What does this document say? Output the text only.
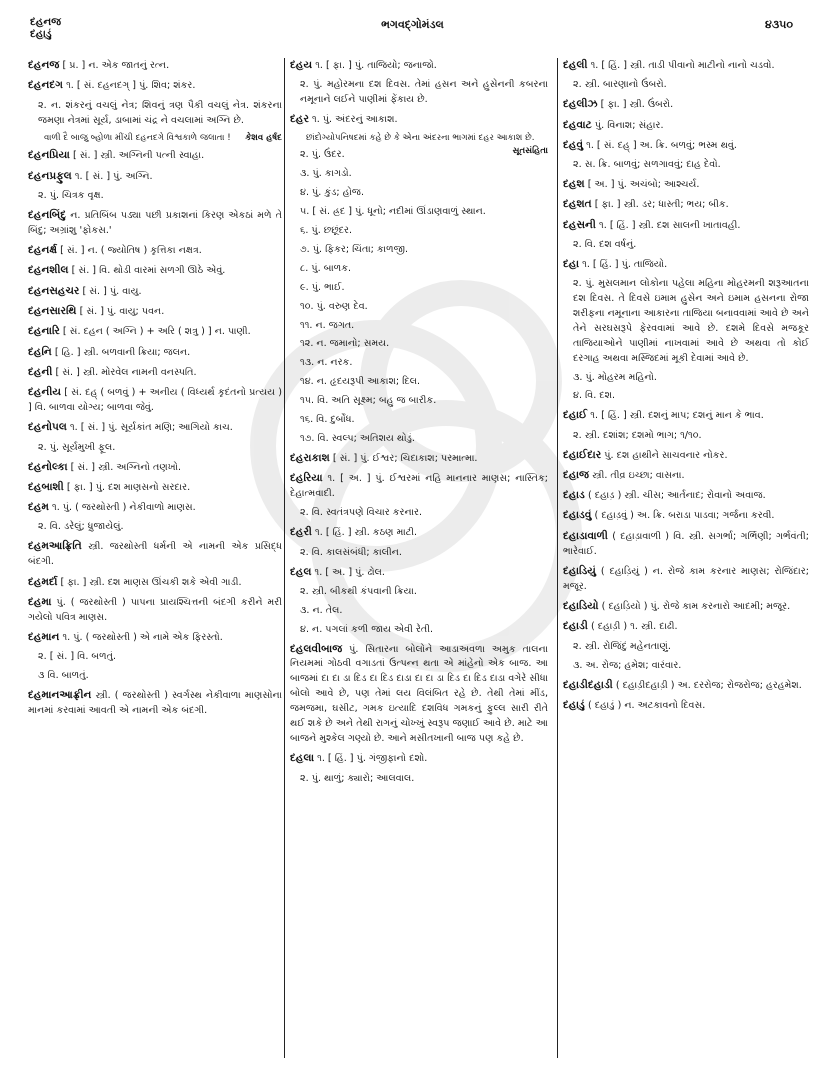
દહનજ
દહાડું
ભગવદ્ગોમંડલ	૪૩૫૦
દહનજ [ પ્ર. ] ન. એક જાતનું રત્ન.
દહનદગ ૧. [ સં. દહનદગ્ ] પું. શિવ; શંકર.
૨. ન. શંકરનું વચલું નેત્ર; શિવનું ત્રણ પૈકી વચલું નેત્ર. શંકરના જમણા નેત્રમાં સૂર્ય, ડાબામાં ચંદ્ર ને વચલામાં અગ્નિ છે.
વાળી દૈ બાજુ બ્હોળા મીંચી દહનદગે વિશ્વકાળે જલાતા ! કેશવ હર્ષદ
દહનપ્રિયા [ સં. ] સ્ત્રી. અગ્નિની પત્ની સ્વાહા.
દહનપ્રફુલ ૧. [ સં. ] પું. અગ્નિ.
૨. પું. ચિત્રક વૃક્ષ.
દહનબિંદુ ન. પ્રતિબિંબ પડ્યા પછી પ્રકાશનાં કિરણ એકઠાં મળે તે બિંદુ; અગ્રાંશુ 'ફોકસ.'
દહનર્ક્ષ [ સં. ] ન. ( જ્યોતિષ ) કૃત્તિકા નક્ષત્ર.
દહનશીલ [ સં. ] વિ. થોડી વારમાં સળગી ઊઠે એવું.
દહનસહચર [ સં. ] પું. વાયુ.
દહનસારથિ [ સં. ] પું. વાયુ; પવન.
દહનારિ [ સં. દહન ( અગ્નિ ) + અરિ ( શત્રુ ) ] ન. પાણી.
દહનિ [ હિ. ] સ્ત્રી. બળવાની ક્રિયા; જલન.
દહની [ સં. ] સ્ત્રી. મોરવેલ નામની વનસ્પતિ.
દહનીય [ સં. દહ્ ( બળવું ) + અનીય ( વિધ્યર્થ કૃદંતનો પ્રત્યય ) ] વિ. બાળવા યોગ્ય; બાળવા જેવું.
દહનોપલ ૧. [ સં. ] પું. સૂર્યકાંત મણિ; આગિયો કાચ.
૨. પું. સૂર્યમુખી ફૂલ.
દહનોલ્કા [ સં. ] સ્ત્રી. અગ્નિનો તણખો.
દહબાશી [ ફા. ] પું. દશ માણસનો સરદાર.
દહમ ૧. પું. ( જરથોસ્તી ) નેકીવાળો માણસ.
૨. વિ. ડરેલું; ધ્રુજાયેલું.
દહમઆફ્રિતિ સ્ત્રી. જરથોસ્તી ધર્મની એ નામની એક પ્રસિદ્ધ બંદગી.
દહમર્દા [ ફા. ] સ્ત્રી. દશ માણસ ઊંચકી શકે એવી ગાડી.
દહમા પું. ( જરથોસ્તી ) પાપના પ્રાયશ્ચિત્તની બંદગી કરીને મરી ગયેલો પવિત્ર માણસ.
દહમાન ૧. પું. ( જરથોસ્તી ) એ નામે એક ફિરસ્તો.
૨. [ સં. ] વિ. બળતું.
૩ વિ. બાળતું.
દહમાનઆફ્રીન સ્ત્રી. ( જરથોસ્તી ) સ્વર્ગસ્થ નેકીવાળા માણસોના માનમાં કરવામાં આવતી એ નામની એક બંદગી.
દહય ૧. [ ફા. ] પું. તાજિયો; જનાજો.
૨. પું. મહોરમના દશ દિવસ. તેમાં હસન અને હુસેનની કબરના નમૂનાને લઈને પાણીમાં ફેંકાય છે.
દહર ૧. પું. અંદરનું આકાશ.
છાંદોગ્યોપનિષદમાં કહે છે કે એના અંદરના ભાગમાં દહર આકાશ છે.
સૂતસંહિતા
૨. પું. ઉંદર.
૩. પું. કાગડો.
૪. પું. કુંડ; હોજ.
૫. [ સં. હ્રદ ] પું. ધૂનો; નદીમાં ઊંડાણવાળું સ્થાન.
૬. પું. છછૂંદર.
૭. પું. ફિકર; ચિંતા; કાળજી.
૮. પું. બાળક.
૯. પું. ભાઈ.
૧૦. પું. વરુણ દેવ.
૧૧. ન. જગત.
૧૨. ન. જમાનો; સમય.
૧૩. ન. નરક.
૧૪. ન. હૃદયરૂપી આકાશ; દિલ.
૧૫. વિ. અતિ સૂક્ષ્મ; બહુ જ બારીક.
૧૬. વિ. દુર્બોધ.
૧૭. વિ. સ્વલ્પ; અતિશય થોડું.
દહરાકાશ [ સં. ] પું. ઈશ્વર; ચિદાકાશ; પરમાત્મા.
દહરિયા ૧. [ અ. ] પું. ઈશ્વરમાં નહિ માનનાર માણસ; નાસ્તિક; દેહાત્મવાદી.
૨. વિ. સ્વતંત્રપણે વિચાર કરનાર.
દહરી ૧. [ હિં. ] સ્ત્રી. કઠણ માટી.
૨. વિ. કાલસંબંધી; કાલીન.
દહલ ૧. [ અ. ] પું. ઢોલ.
૨. સ્ત્રી. બીકથી કંપવાની ક્રિયા.
૩. ન. તેલ.
૪. ન. પગલાં કળી જાય એવી રેતી.
દહલવીબાજ પું. સિતારના બોલોને આડાઅવળા અમુક તાલના નિયમમાં ગોઠવી વગાડતાં ઉત્પન્ન થતા એ માંહેનો એક બાજ. આ બાજમાં દા દા ડા દિડ દા દિડ દાડા દા દા ડા દિડ દા દિડ દાડા વગેરે સીધા બોલો આવે છે, પણ તેમાં લય વિલંબિત રહે છે. તેથી તેમાં મીંડ, જમજમા, ઘસીટ, ગમક ઇત્યાદિ દશવિધ ગમકનું ફુલ્લ સારી રીતે થઈ શકે છે અને તેથી રાગનું ચોખ્ખું સ્વરૂપ જણાઈ આવે છે. માટે આ બાજને મુશ્કેલ ગણ્યો છે. આને મસીતખાની બાજ પણ કહે છે.
દહલા ૧. [ હિં. ] પું. ગંજીફાનો દશો.
૨. પું. થાળું; ક્યારો; આલવાલ.
દહલી ૧. [ હિં. ] સ્ત્રી. તાડી પીવાનો માટીનો નાનો ચડવો.
૨. સ્ત્રી. બારણાનો ઉંબરો.
દહલીઝ [ ફા. ] સ્ત્રી. ઉંબરો.
દહવાટ પું. વિનાશ; સંહાર.
દહવું ૧. [ સં. દહ્ ] અ. ક્રિ. બળવું; ભસ્મ થવું.
૨. સ. ક્રિ. બાળવું; સળગાવવું; દાહ દેવો.
દહશ [ અ. ] પું. અચંબો; આશ્ચર્ય.
દહશત [ ફા. ] સ્ત્રી. ડર; ધાસ્તી; ભય; બીક.
દહસની ૧. [ હિં. ] સ્ત્રી. દશ સાલની ખાતાવહી.
૨. વિ. દશ વર્ષનું.
દહા ૧. [ હિં. ] પું. તાજિયો.
૨. પું. મુસલમાન લોકોના પહેલા મહિના મોહરમની શરૂઆતના દશ દિવસ. તે દિવસે ઇમામ હુસેન અને ઇમામ હસનના રોજા શરીફના નમૂનાના આકારના તાજિયા બનાવવામાં આવે છે અને તેને સરઘસરૂપે ફેરવવામાં આવે છે. દશમે દિવસે મજકૂર તાજિયાઓને પાણીમાં નાખવામાં આવે છે અથવા તો કોઈ દરગાહ અથવા મસ્જિદમાં મૂકી દેવામાં આવે છે.
૩. પું. મોહરમ મહિનો.
૪. વિ. દશ.
દહાઈ ૧. [ હિં. ] સ્ત્રી. દશનું માપ; દશનું માન કે ભાવ.
૨. સ્ત્રી. દશાંશ; દશમો ભાગ; ૧/૧૦.
દહાઈદાર પું. દશ હાથીને સાચવનાર નોકર.
દહાજ સ્ત્રી. તીવ્ર ઇચ્છા; વાસના.
દહાડ ( દહાડ઼ ) સ્ત્રી. ચીસ; આર્તનાદ; રોવાનો અવાજ.
દહાડવું ( દહાડ઼વું ) અ. ક્રિ. બરાડા પાડવા; ગર્જના કરવી.
દહાડાવાળી ( દહાડ઼ાવાળી ) વિ. સ્ત્રી. સગર્ભા; ગર્ભિણી; ગર્ભવંતી; ભારેવાઈ.
દહાડિયું ( દહાડ઼િયું ) ન. રોજે કામ કરનાર માણસ; રોજિંદાર; મજૂર.
દહાડિયો ( દહાડ઼િયો ) પું. રોજે કામ કરનારો આદમી; મજૂર.
દહાડી ( દહાડ઼ી ) ૧. સ્ત્રી. દાઢી.
૨. સ્ત્રી. રોજિંદું મહેનતાણું.
૩. અ. રોજ; હમેશ; વારંવાર.
દહાડીદહાડી ( દહાડ઼ીદહાડ઼ી ) અ. દરરોજ; રોજરોજ; હરહમેશ.
દહાડું ( દહાડ઼ું ) ન. અટકાવનો દિવસ.
